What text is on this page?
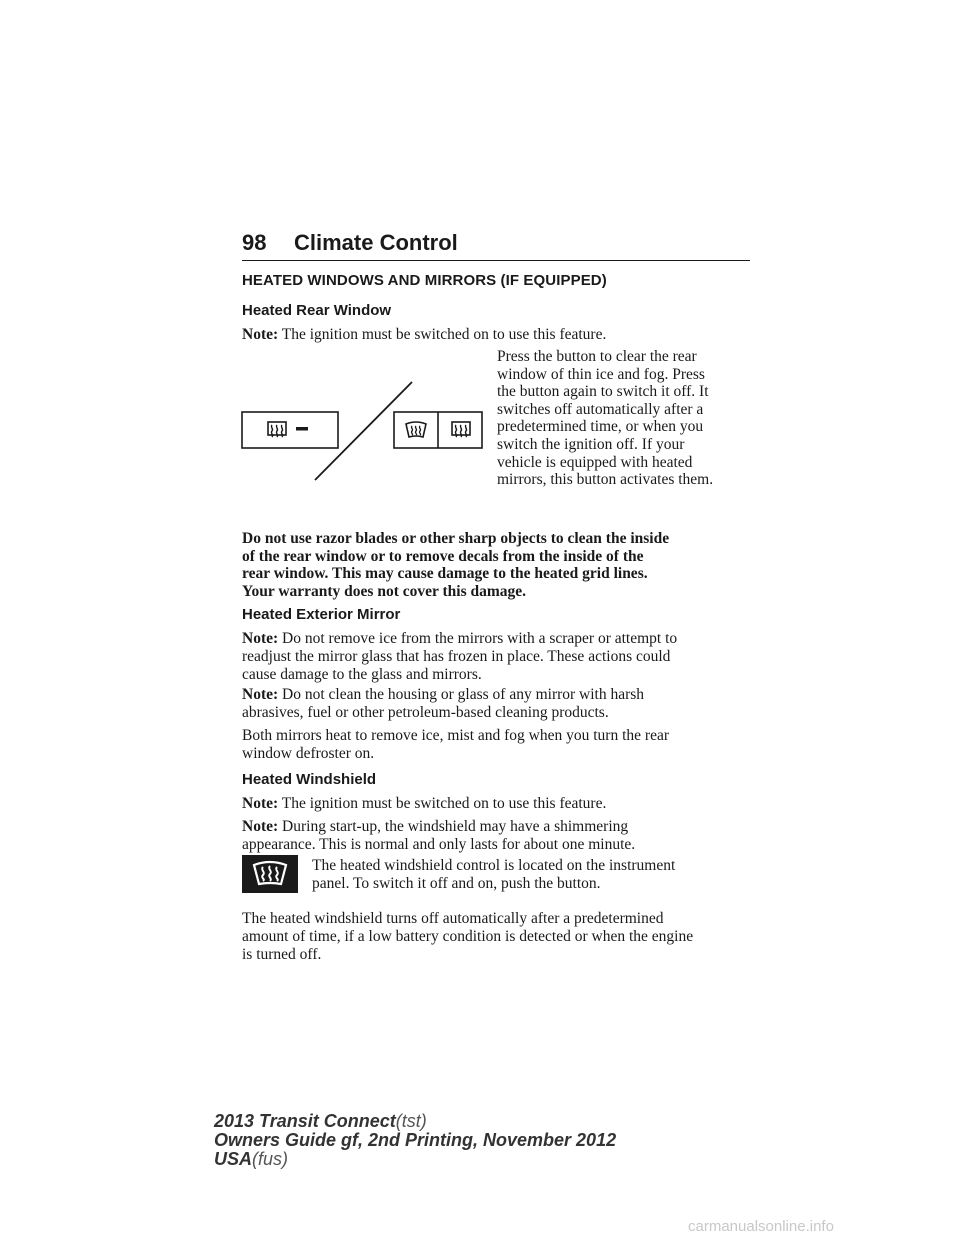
98 Climate Control
HEATED WINDOWS AND MIRRORS (IF EQUIPPED)
Heated Rear Window
Note: The ignition must be switched on to use this feature.
Press the button to clear the rear
window of thin ice and fog. Press
the button again to switch it off. It
switches off automatically after a
predetermined time, or when you
switch the ignition off. If your
vehicle is equipped with heated
mirrors, this button activates them.
Do not use razor blades or other sharp objects to clean the inside
of the rear window or to remove decals from the inside of the
rear window. This may cause damage to the heated grid lines.
Your warranty does not cover this damage.
Heated Exterior Mirror
Note: Do not remove ice from the mirrors with a scraper or attempt to
readjust the mirror glass that has frozen in place. These actions could
cause damage to the glass and mirrors.
Note: Do not clean the housing or glass of any mirror with harsh
abrasives, fuel or other petroleum-based cleaning products.
Both mirrors heat to remove ice, mist and fog when you turn the rear
window defroster on.
Heated Windshield
Note: The ignition must be switched on to use this feature.
Note: During start-up, the windshield may have a shimmering
appearance. This is normal and only lasts for about one minute.
The heated windshield control is located on the instrument
panel. To switch it off and on, push the button.
The heated windshield turns off automatically after a predetermined
amount of time, if a low battery condition is detected or when the engine
is turned off.
2013 Transit Connect(tst)
Owners Guide gf, 2nd Printing, November 2012
USA(fus)
carmanualsonline.info
